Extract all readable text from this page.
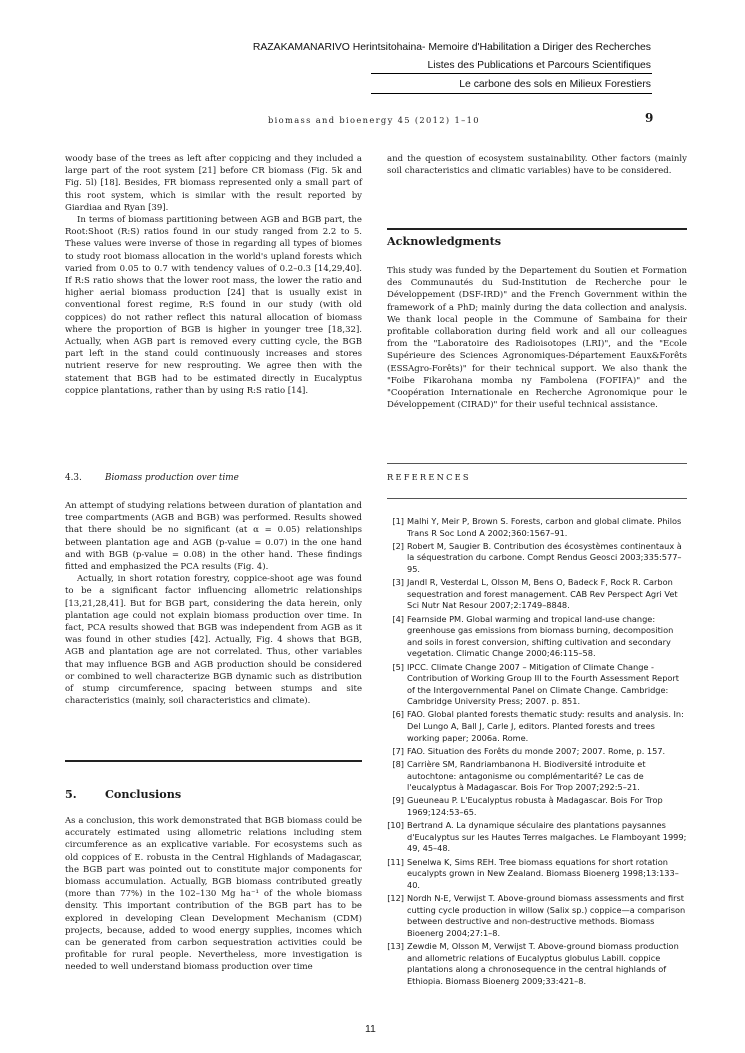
RAZAKAMANARIVO Herintsitohaina- Memoire d'Habilitation a Diriger des Recherches
Listes des Publications et Parcours Scientifiques
Le carbone des sols en Milieux Forestiers
biomass and bioenergy 45 (2012) 1–10	9

woody base of the trees as left after coppicing and they included a large part of the root system [21] before CR biomass (Fig. 5k and Fig. 5l) [18]. Besides, FR biomass represented only a small part of this root system, which is similar with the result reported by Giardiaa and Ryan [39].

In terms of biomass partitioning between AGB and BGB part, the Root:Shoot (R:S) ratios found in our study ranged from 2.2 to 5. These values were inverse of those in regarding all types of biomes to study root biomass allocation in the world's upland forests which varied from 0.05 to 0.7 with tendency values of 0.2–0.3 [14,29,40]. If R:S ratio shows that the lower root mass, the lower the ratio and higher aerial biomass production [24] that is usually exist in conventional forest regime, R:S found in our study (with old coppices) do not rather reflect this natural allocation of biomass where the proportion of BGB is higher in younger tree [18,32]. Actually, when AGB part is removed every cutting cycle, the BGB part left in the stand could continuously increases and stores nutrient reserve for new resprouting. We agree then with the statement that BGB had to be estimated directly in Eucalyptus coppice plantations, rather than by using R:S ratio [14].

4.3.	Biomass production over time

An attempt of studying relations between duration of plantation and tree compartments (AGB and BGB) was performed. Results showed that there should be no significant (at α = 0.05) relationships between plantation age and AGB (p-value = 0.07) in the one hand and with BGB (p-value = 0.08) in the other hand. These findings fitted and emphasized the PCA results (Fig. 4).

Actually, in short rotation forestry, coppice-shoot age was found to be a significant factor influencing allometric relationships [13,21,28,41]. But for BGB part, considering the data herein, only plantation age could not explain biomass production over time. In fact, PCA results showed that BGB was independent from AGB as it was found in other studies [42]. Actually, Fig. 4 shows that BGB, AGB and plantation age are not correlated. Thus, other variables that may influence BGB and AGB production should be considered or combined to well characterize BGB dynamic such as distribution of stump circumference, spacing between stumps and site characteristics (mainly, soil characteristics and climate).

5.	Conclusions

As a conclusion, this work demonstrated that BGB biomass could be accurately estimated using allometric relations including stem circumference as an explicative variable. For ecosystems such as old coppices of E. robusta in the Central Highlands of Madagascar, the BGB part was pointed out to constitute major components for biomass accumulation. Actually, BGB biomass contributed greatly (more than 77%) in the 102–130 Mg ha⁻¹ of the whole biomass density. This important contribution of the BGB part has to be explored in developing Clean Development Mechanism (CDM) projects, because, added to wood energy supplies, incomes which can be generated from carbon sequestration activities could be profitable for rural people. Nevertheless, more investigation is needed to well understand biomass production over time

and the question of ecosystem sustainability. Other factors (mainly soil characteristics and climatic variables) have to be considered.

Acknowledgments

This study was funded by the Departement du Soutien et Formation des Communautés du Sud-Institution de Recherche pour le Développement (DSF-IRD)" and the French Government within the framework of a PhD; mainly during the data collection and analysis. We thank local people in the Commune of Sambaina for their profitable collaboration during field work and all our colleagues from the "Laboratoire des Radioisotopes (LRI)", and the "Ecole Supérieure des Sciences Agronomiques-Département Eaux&Forêts (ESSAgro-Forêts)" for their technical support. We also thank the "Foibe Fikarohana momba ny Fambolena (FOFIFA)" and the "Coopération Internationale en Recherche Agronomique pour le Développement (CIRAD)" for their useful technical assistance.

REFERENCES
[1] Malhi Y, Meir P, Brown S. Forests, carbon and global climate. Philos Trans R Soc Lond A 2002;360:1567–91.
[2] Robert M, Saugier B. Contribution des écosystèmes continentaux à la séquestration du carbone. Compt Rendus Geosci 2003;335:577–95.
[3] Jandl R, Vesterdal L, Olsson M, Bens O, Badeck F, Rock R. Carbon sequestration and forest management. CAB Rev Perspect Agri Vet Sci Nutr Nat Resour 2007;2:1749–8848.
[4] Fearnside PM. Global warming and tropical land-use change: greenhouse gas emissions from biomass burning, decomposition and soils in forest conversion, shifting cultivation and secondary vegetation. Climatic Change 2000;46:115–58.
[5] IPCC. Climate Change 2007 – Mitigation of Climate Change - Contribution of Working Group III to the Fourth Assessment Report of the Intergovernmental Panel on Climate Change. Cambridge: Cambridge University Press; 2007. p. 851.
[6] FAO. Global planted forests thematic study: results and analysis. In: Del Lungo A, Ball J, Carle J, editors. Planted forests and trees working paper; 2006a. Rome.
[7] FAO. Situation des Forêts du monde 2007; 2007. Rome, p. 157.
[8] Carrière SM, Randriambanona H. Biodiversité introduite et autochtone: antagonisme ou complémentarité? Le cas de l'eucalyptus à Madagascar. Bois For Trop 2007;292:5–21.
[9] Gueuneau P. L'Eucalyptus robusta à Madagascar. Bois For Trop 1969;124:53–65.
[10] Bertrand A. La dynamique séculaire des plantations paysannes d'Eucalyptus sur les Hautes Terres malgaches. Le Flamboyant 1999; 49, 45–48.
[11] Senelwa K, Sims REH. Tree biomass equations for short rotation eucalypts grown in New Zealand. Biomass Bioenerg 1998;13:133–40.
[12] Nordh N-E, Verwijst T. Above-ground biomass assessments and first cutting cycle production in willow (Salix sp.) coppice—a comparison between destructive and non-destructive methods. Biomass Bioenerg 2004;27:1–8.
[13] Zewdie M, Olsson M, Verwijst T. Above-ground biomass production and allometric relations of Eucalyptus globulus Labill. coppice plantations along a chronosequence in the central highlands of Ethiopia. Biomass Bioenerg 2009;33:421–8.
11
